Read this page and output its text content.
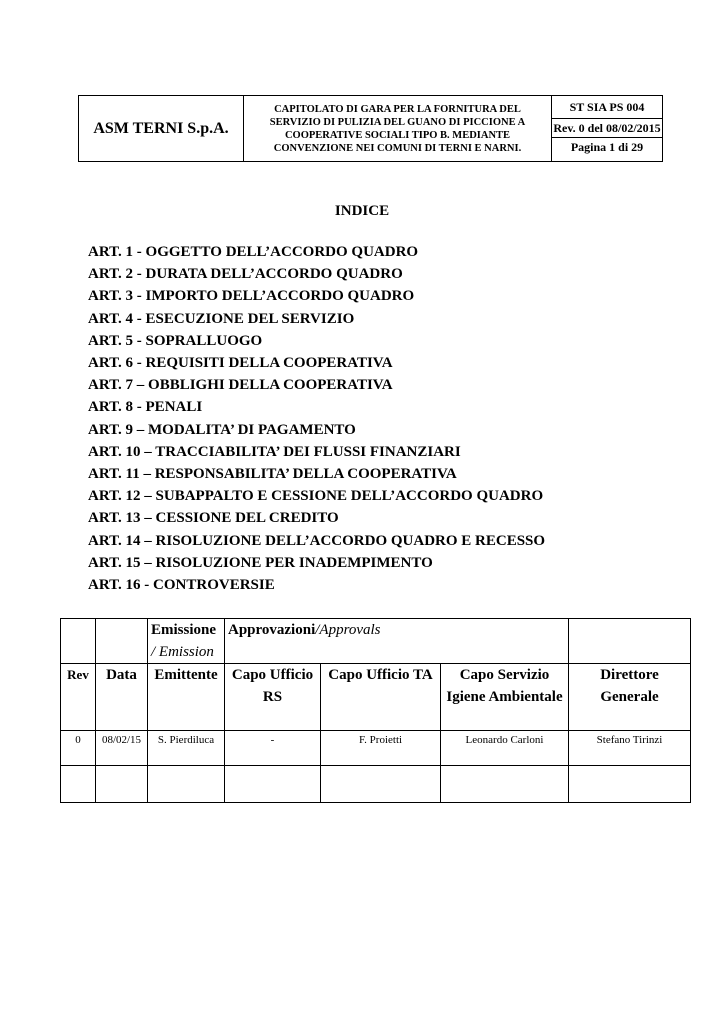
ASM TERNI S.p.A.
CAPITOLATO DI GARA PER LA FORNITURA DEL
SERVIZIO DI PULIZIA DEL GUANO DI PICCIONE A
COOPERATIVE SOCIALI TIPO B. MEDIANTE
CONVENZIONE NEI COMUNI DI TERNI E NARNI.
ST SIA PS 004
Rev. 0 del 08/02/2015
Pagina 1 di 29
INDICE
ART. 1 - OGGETTO DELL’ACCORDO QUADRO
ART. 2 - DURATA DELL’ACCORDO QUADRO
ART. 3 - IMPORTO DELL’ACCORDO QUADRO
ART. 4 - ESECUZIONE DEL SERVIZIO
ART. 5 - SOPRALLUOGO
ART. 6 - REQUISITI DELLA COOPERATIVA
ART. 7 – OBBLIGHI DELLA COOPERATIVA
ART. 8 - PENALI
ART. 9 – MODALITA’ DI PAGAMENTO
ART. 10 – TRACCIABILITA’ DEI FLUSSI FINANZIARI
ART. 11 – RESPONSABILITA’ DELLA COOPERATIVA
ART. 12 – SUBAPPALTO E CESSIONE DELL’ACCORDO QUADRO
ART. 13 – CESSIONE DEL CREDITO
ART. 14 – RISOLUZIONE DELL’ACCORDO QUADRO E RECESSO
ART. 15 – RISOLUZIONE PER INADEMPIMENTO
ART. 16 - CONTROVERSIE
		Emissione
/ Emission	Approvazioni/Approvals			
Rev	Data	Emittente	Capo Ufficio RS	Capo Ufficio TA	Capo Servizio Igiene Ambientale	Direttore Generale
0	08/02/15	S. Pierdiluca	-	F. Proietti	Leonardo Carloni	Stefano Tirinzi
